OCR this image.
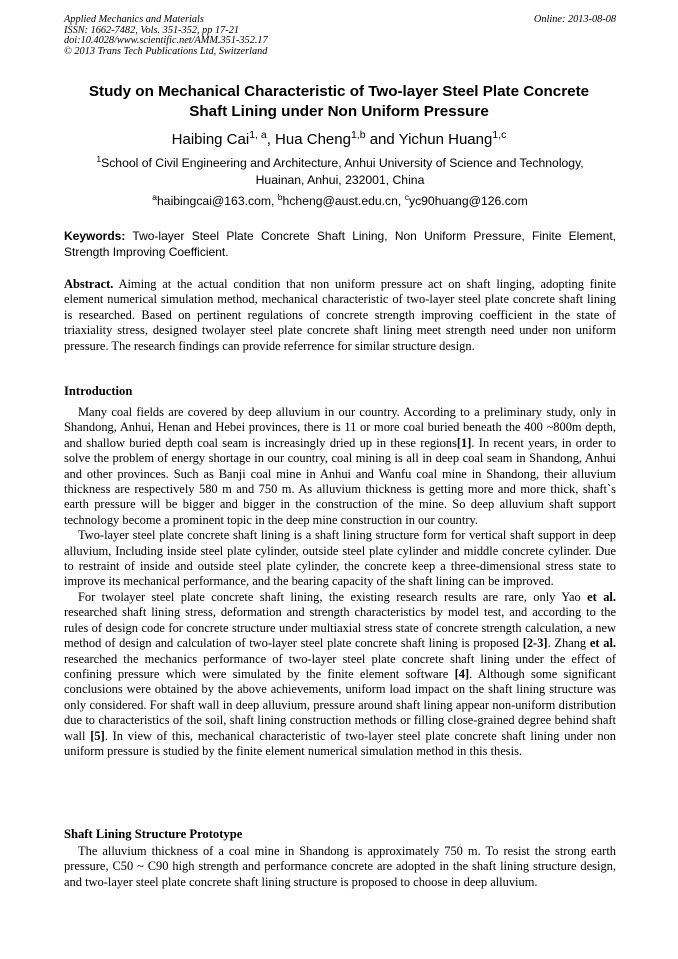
Applied Mechanics and Materials
ISSN: 1662-7482, Vols. 351-352, pp 17-21
doi:10.4028/www.scientific.net/AMM.351-352.17
© 2013 Trans Tech Publications Ltd, Switzerland
Online: 2013-08-08
Study on Mechanical Characteristic of Two-layer Steel Plate Concrete
Shaft Lining under Non Uniform Pressure
Haibing Cai$^{1, a}$, Hua Cheng$^{1,b}$ and Yichun Huang$^{1,c}$
$^1$School of Civil Engineering and Architecture, Anhui University of Science and Technology,
Huainan, Anhui, 232001, China
$^a$haibingcai@163.com, $^b$hcheng@aust.edu.cn, $^c$yc90huang@126.com
Keywords: Two-layer Steel Plate Concrete Shaft Lining, Non Uniform Pressure, Finite Element, Strength Improving Coefficient.

Abstract. Aiming at the actual condition that non uniform pressure act on shaft linging, adopting finite element numerical simulation method, mechanical characteristic of two-layer steel plate concrete shaft lining is researched. Based on pertinent regulations of concrete strength improving coefficient in the state of triaxiality stress, designed twolayer steel plate concrete shaft lining meet strength need under non uniform pressure. The research findings can provide referrence for similar structure design.

Introduction

Many coal fields are covered by deep alluvium in our country. According to a preliminary study, only in Shandong, Anhui, Henan and Hebei provinces, there is 11 or more coal buried beneath the 400 ~800m depth, and shallow buried depth coal seam is increasingly dried up in these regions[1]. In recent years, in order to solve the problem of energy shortage in our country, coal mining is all in deep coal seam in Shandong, Anhui and other provinces. Such as Banji coal mine in Anhui and Wanfu coal mine in Shandong, their alluvium thickness are respectively 580 m and 750 m. As alluvium thickness is getting more and more thick, shaft`s earth pressure will be bigger and bigger in the construction of the mine. So deep alluvium shaft support technology become a prominent topic in the deep mine construction in our country.

Two-layer steel plate concrete shaft lining is a shaft lining structure form for vertical shaft support in deep alluvium, Including inside steel plate cylinder, outside steel plate cylinder and middle concrete cylinder. Due to restraint of inside and outside steel plate cylinder, the concrete keep a three-dimensional stress state to improve its mechanical performance, and the bearing capacity of the shaft lining can be improved.

For twolayer steel plate concrete shaft lining, the existing research results are rare, only Yao et al. researched shaft lining stress, deformation and strength characteristics by model test, and according to the rules of design code for concrete structure under multiaxial stress state of concrete strength calculation, a new method of design and calculation of two-layer steel plate concrete shaft lining is proposed [2-3]. Zhang et al. researched the mechanics performance of two-layer steel plate concrete shaft lining under the effect of confining pressure which were simulated by the finite element software [4]. Although some significant conclusions were obtained by the above achievements, uniform load impact on the shaft lining structure was only considered. For shaft wall in deep alluvium, pressure around shaft lining appear non-uniform distribution due to characteristics of the soil, shaft lining construction methods or filling close-grained degree behind shaft wall [5]. In view of this, mechanical characteristic of two-layer steel plate concrete shaft lining under non uniform pressure is studied by the finite element numerical simulation method in this thesis.

Shaft Lining Structure Prototype

The alluvium thickness of a coal mine in Shandong is approximately 750 m. To resist the strong earth pressure, C50 ~ C90 high strength and performance concrete are adopted in the shaft lining structure design, and two-layer steel plate concrete shaft lining structure is proposed to choose in deep alluvium.
